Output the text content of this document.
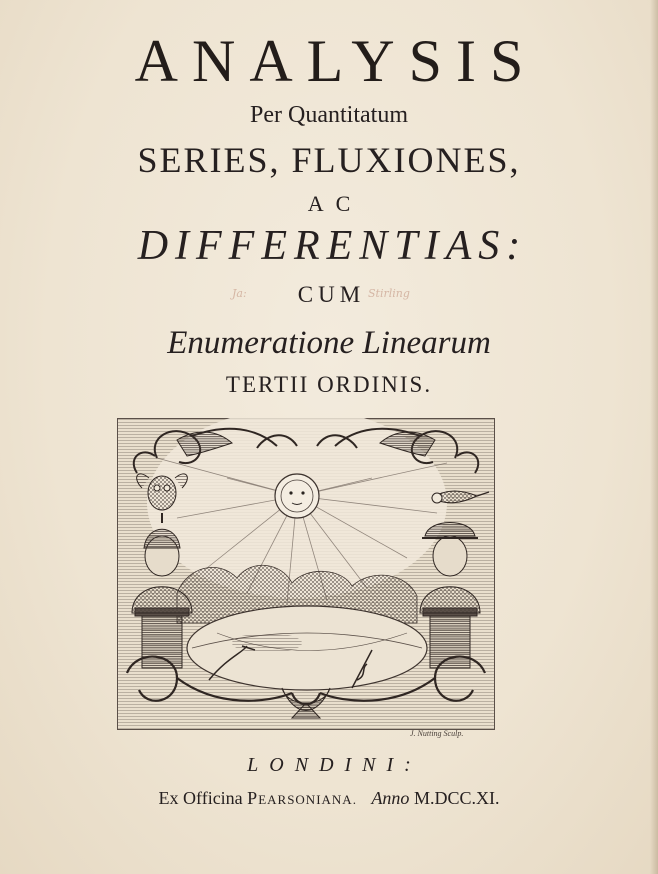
ANALYSIS
Per Quantitatum
SERIES, FLUXIONES,
AC
DIFFERENTIAS:
CUM
Ja:	Stirling
Enumeratione Linearum
TERTII ORDINIS.
J. Nutting Sculp.
LONDINI:
Ex Officina PEARSONIANA. Anno M.DCC.XI.
